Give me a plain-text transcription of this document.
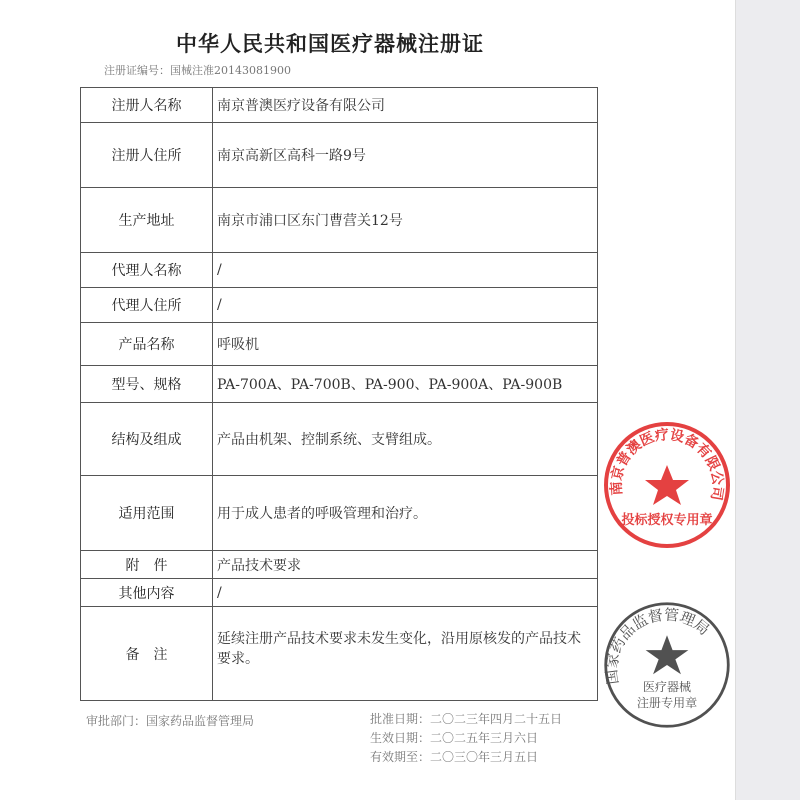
中华人民共和国医疗器械注册证
注册证编号：国械注准20143081900
注册人名称	南京普澳医疗设备有限公司
注册人住所	南京高新区高科一路9号
生产地址	南京市浦口区东门曹营关12号
代理人名称	/
代理人住所	/
产品名称	呼吸机
型号、规格	PA-700A、PA-700B、PA-900、PA-900A、PA-900B
结构及组成	产品由机架、控制系统、支臂组成。
适用范围	用于成人患者的呼吸管理和治疗。
附　件	产品技术要求
其他内容	/
备　注	延续注册产品技术要求未发生变化，沿用原核发的产品技术要求。
审批部门：国家药品监督管理局	批准日期：二〇二三年四月二十五日
生效日期：二〇二五年三月六日
有效期至：二〇三〇年三月五日
南京普澳医疗设备有限公司
投标授权专用章
国家药品监督管理局
医疗器械
注册专用章
